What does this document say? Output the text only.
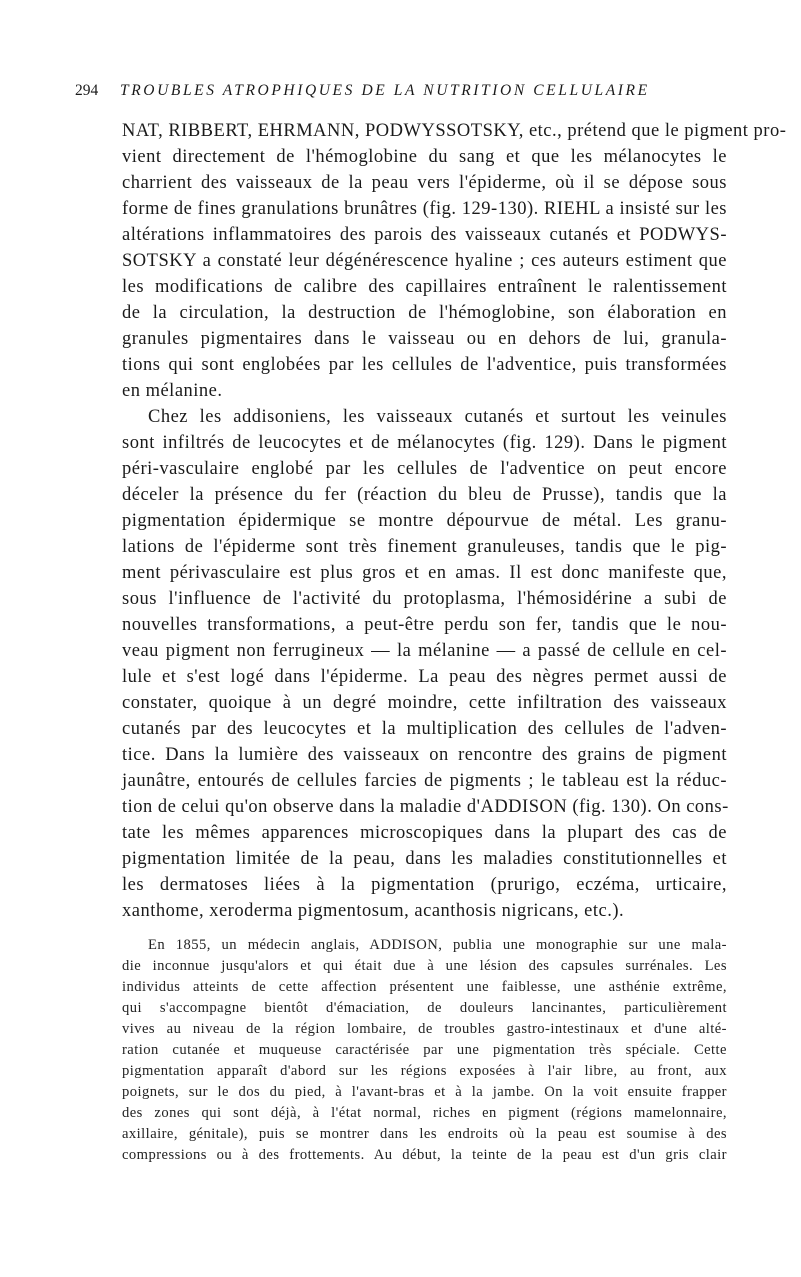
294 TROUBLES ATROPHIQUES DE LA NUTRITION CELLULAIRE

NAT, RIBBERT, EHRMANN, PODWYSSOTSKY, etc., prétend que le pigment pro-

vient directement de l'hémoglobine du sang et que les mélanocytes le

charrient des vaisseaux de la peau vers l'épiderme, où il se dépose sous

forme de fines granulations brunâtres (fig. 129-130). RIEHL a insisté sur les

altérations inflammatoires des parois des vaisseaux cutanés et PODWYS-

SOTSKY a constaté leur dégénérescence hyaline ; ces auteurs estiment que

les modifications de calibre des capillaires entraînent le ralentissement

de la circulation, la destruction de l'hémoglobine, son élaboration en

granules pigmentaires dans le vaisseau ou en dehors de lui, granula-

tions qui sont englobées par les cellules de l'adventice, puis transformées

en mélanine.

Chez les addisoniens, les vaisseaux cutanés et surtout les veinules

sont infiltrés de leucocytes et de mélanocytes (fig. 129). Dans le pigment

péri-vasculaire englobé par les cellules de l'adventice on peut encore

déceler la présence du fer (réaction du bleu de Prusse), tandis que la

pigmentation épidermique se montre dépourvue de métal. Les granu-

lations de l'épiderme sont très finement granuleuses, tandis que le pig-

ment périvasculaire est plus gros et en amas. Il est donc manifeste que,

sous l'influence de l'activité du protoplasma, l'hémosidérine a subi de

nouvelles transformations, a peut-être perdu son fer, tandis que le nou-

veau pigment non ferrugineux — la mélanine — a passé de cellule en cel-

lule et s'est logé dans l'épiderme. La peau des nègres permet aussi de

constater, quoique à un degré moindre, cette infiltration des vaisseaux

cutanés par des leucocytes et la multiplication des cellules de l'adven-

tice. Dans la lumière des vaisseaux on rencontre des grains de pigment

jaunâtre, entourés de cellules farcies de pigments ; le tableau est la réduc-

tion de celui qu'on observe dans la maladie d'ADDISON (fig. 130). On cons-

tate les mêmes apparences microscopiques dans la plupart des cas de

pigmentation limitée de la peau, dans les maladies constitutionnelles et

les dermatoses liées à la pigmentation (prurigo, eczéma, urticaire,

xanthome, xeroderma pigmentosum, acanthosis nigricans, etc.).

En 1855, un médecin anglais, ADDISON, publia une monographie sur une mala-

die inconnue jusqu'alors et qui était due à une lésion des capsules surrénales. Les

individus atteints de cette affection présentent une faiblesse, une asthénie extrême,

qui s'accompagne bientôt d'émaciation, de douleurs lancinantes, particulièrement

vives au niveau de la région lombaire, de troubles gastro-intestinaux et d'une alté-

ration cutanée et muqueuse caractérisée par une pigmentation très spéciale. Cette

pigmentation apparaît d'abord sur les régions exposées à l'air libre, au front, aux

poignets, sur le dos du pied, à l'avant-bras et à la jambe. On la voit ensuite frapper

des zones qui sont déjà, à l'état normal, riches en pigment (régions mamelonnaire,

axillaire, génitale), puis se montrer dans les endroits où la peau est soumise à des

compressions ou à des frottements. Au début, la teinte de la peau est d'un gris clair
